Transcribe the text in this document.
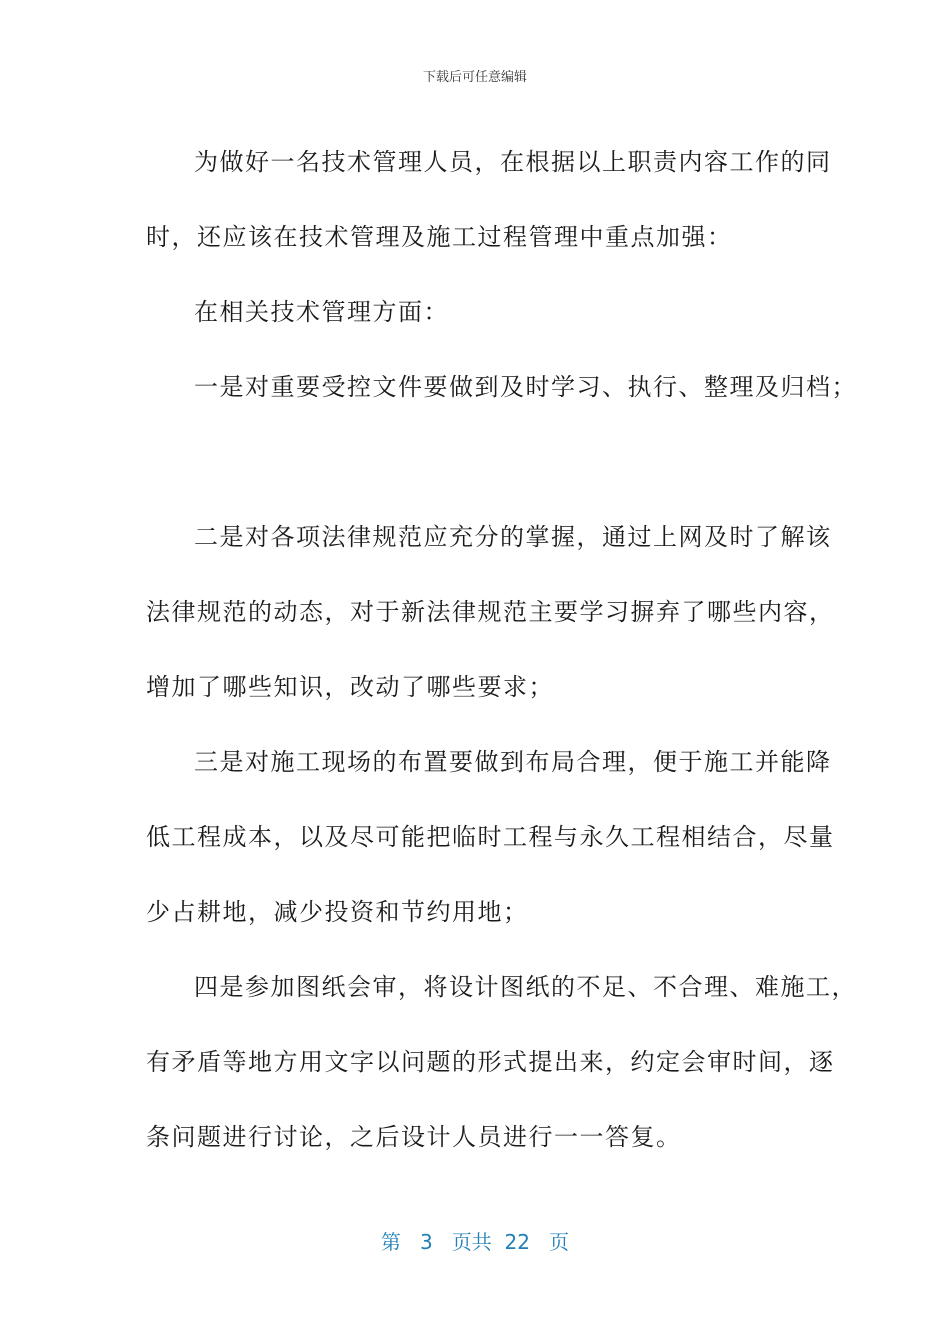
下载后可任意编辑
为做好一名技术管理人员，在根据以上职责内容工作的同
时，还应该在技术管理及施工过程管理中重点加强：
在相关技术管理方面：
一是对重要受控文件要做到及时学习、执行、整理及归档；
二是对各项法律规范应充分的掌握，通过上网及时了解该
法律规范的动态，对于新法律规范主要学习摒弃了哪些内容，
增加了哪些知识，改动了哪些要求；
三是对施工现场的布置要做到布局合理，便于施工并能降
低工程成本，以及尽可能把临时工程与永久工程相结合，尽量
少占耕地，减少投资和节约用地；
四是参加图纸会审，将设计图纸的不足、不合理、难施工，
有矛盾等地方用文字以问题的形式提出来，约定会审时间，逐
条问题进行讨论，之后设计人员进行一一答复。
第 3 页共 22 页
